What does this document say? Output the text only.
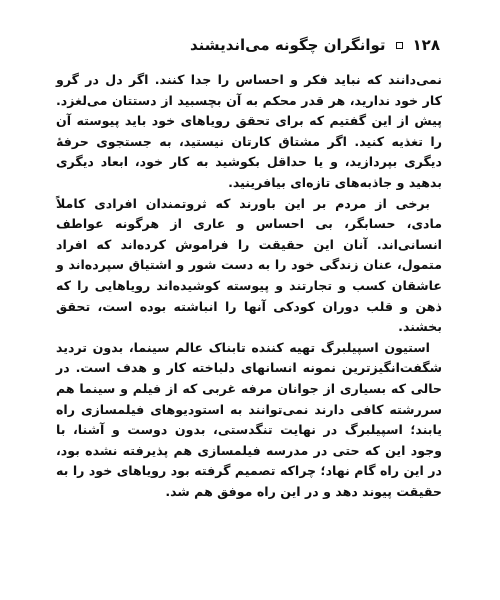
۱۲۸
توانگران چگونه می‌اندیشند

نمی‌دانند که نباید فکر و احساس را جدا کنند. اگر دل در گرو کار خود ندارید، هر قدر محکم به آن بچسبید از دستتان می‌لغزد. پیش از این گفتیم که برای تحقق رویاهای خود باید پیوسته آن را تغذیه کنید. اگر مشتاق کارتان نیستید، به جستجوی حرفهٔ دیگری بپردازید، و یا حداقل بکوشید به کار خود، ابعاد دیگری بدهید و جاذبه‌های تازه‌ای بیافرینید.

برخی از مردم بر این باورند که ثروتمندان افرادی کاملاً مادی، حسابگر، بی احساس و عاری از هرگونه عواطف انسانی‌اند. آنان این حقیقت را فراموش کرده‌اند که افراد متمول، عنان زندگی خود را به دست شور و اشتیاق سپرده‌اند و عاشقان کسب و تجارتند و پیوسته کوشیده‌اند رویاهایی را که ذهن و قلب دوران کودکی آنها را انباشته بوده است، تحقق بخشند.

استیون اسپیلبرگ تهیه کننده تابناک عالم سینما، بدون تردید شگفت‌انگیزترین نمونه انسانهای دلباخته کار و هدف است. در حالی که بسیاری از جوانان مرفه غربی که از فیلم و سینما هم سررشته کافی دارند نمی‌توانند به استودیوهای فیلمسازی راه یابند؛ اسپیلبرگ در نهایت تنگدستی، بدون دوست و آشنا، با وجود این که حتی در مدرسه فیلمسازی هم پذیرفته نشده بود، در این راه گام نهاد؛ چراکه تصمیم گرفته بود رویاهای خود را به حقیقت پیوند دهد و در این راه موفق هم شد.
